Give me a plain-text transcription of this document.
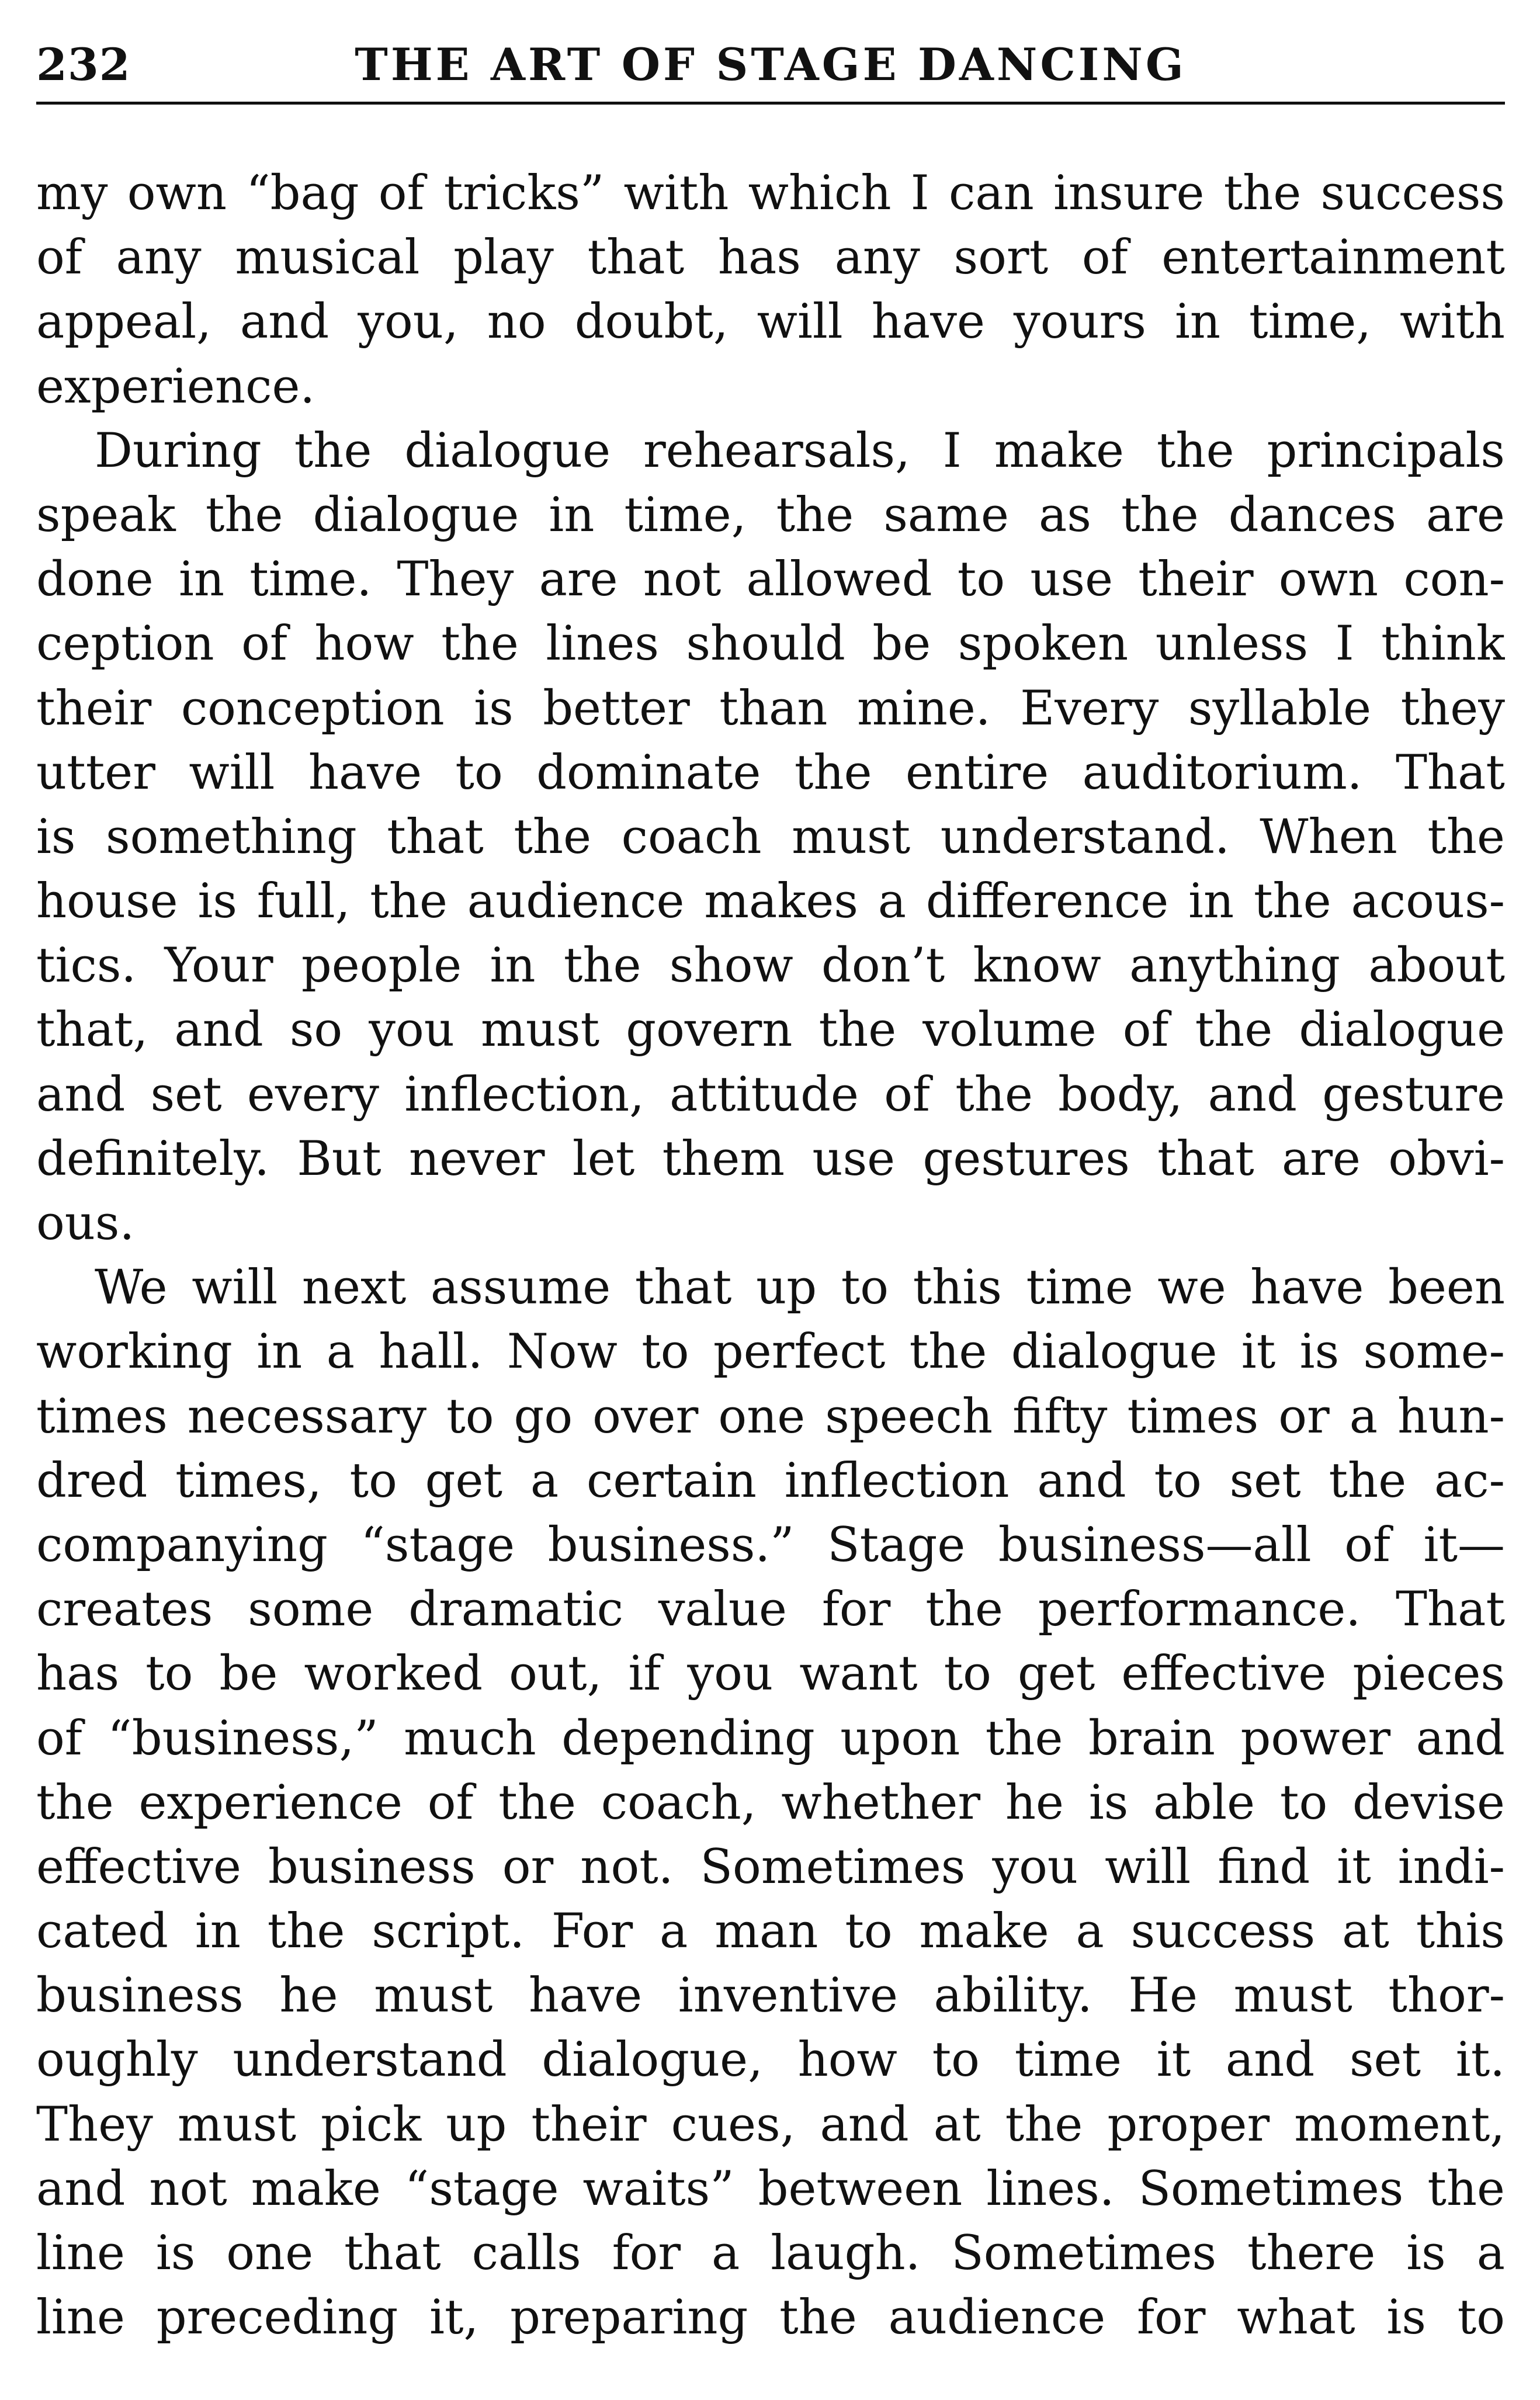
232	THE ART OF STAGE DANCING
my own “bag of tricks” with which I can insure the success
of any musical play that has any sort of entertainment
appeal, and you, no doubt, will have yours in time, with
experience.
During the dialogue rehearsals, I make the principals
speak the dialogue in time, the same as the dances are
done in time. They are not allowed to use their own con-
ception of how the lines should be spoken unless I think
their conception is better than mine. Every syllable they
utter will have to dominate the entire auditorium. That
is something that the coach must understand. When the
house is full, the audience makes a difference in the acous-
tics. Your people in the show don’t know anything about
that, and so you must govern the volume of the dialogue
and set every inflection, attitude of the body, and gesture
definitely. But never let them use gestures that are obvi-
ous.
We will next assume that up to this time we have been
working in a hall. Now to perfect the dialogue it is some-
times necessary to go over one speech fifty times or a hun-
dred times, to get a certain inflection and to set the ac-
companying “stage business.” Stage business—all of it—
creates some dramatic value for the performance. That
has to be worked out, if you want to get effective pieces
of “business,” much depending upon the brain power and
the experience of the coach, whether he is able to devise
effective business or not. Sometimes you will find it indi-
cated in the script. For a man to make a success at this
business he must have inventive ability. He must thor-
oughly understand dialogue, how to time it and set it.
They must pick up their cues, and at the proper moment,
and not make “stage waits” between lines. Sometimes the
line is one that calls for a laugh. Sometimes there is a
line preceding it, preparing the audience for what is to
